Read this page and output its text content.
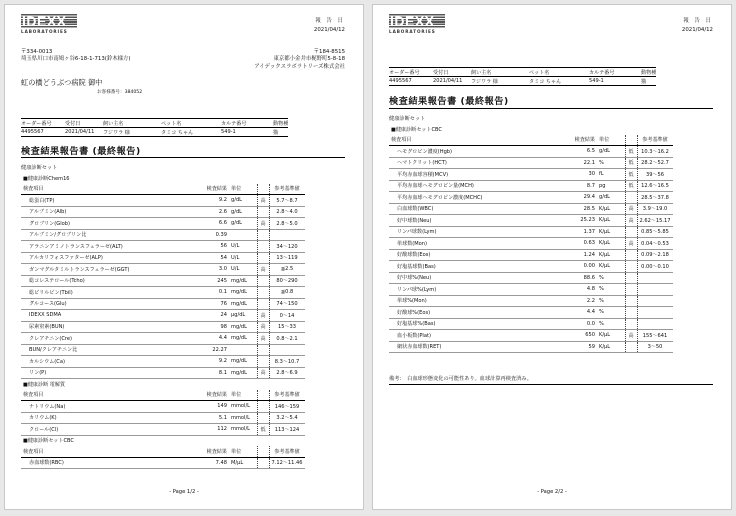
IDEXX
LABORATORIES
報 告 日
2021/04/12
〒334-0013
埼玉県川口市南鳩ヶ谷6-18-1-713(鈴木様方)
〒184-8515
東京都小金井市梶野町5-8-18
アイデックスラボラトリーズ株式会社
虹の橋どうぶつ病院 御中
お客様番号：384052
オーダー番号	受付日	飼い主名	ペット名	カルテ番号	動物種
4495567	2021/04/11	フジワラ 様	タミコ ちゃん	549-1	猫
検査結果報告書 (最終報告)
健康診断セット
■健康診断Chem16				
検査項目	検査結果	単位		参考基準値
総蛋白(TP)	9.2	g/dL	高	5.7～8.7
アルブミン(Alb)	2.6	g/dL		2.8～4.0
グロブリン(Glob)	6.6	g/dL	高	2.8～5.0
アルブミン/グロブリン比	0.39			
アラニンアミノトランスフェラーゼ(ALT)	56	U/L		34～120
アルカリフォスファターゼ(ALP)	54	U/L		13～119
ガンマグルタミルトランスフェラーゼ(GGT)	3.0	U/L	高	≦2.5
総コレステロール(Tcho)	245	mg/dL		80～290
総ビリルビン(Tbil)	0.1	mg/dL		≦0.8
グルコース(Glu)	76	mg/dL		74～150
IDEXX SDMA	24	μg/dL	高	0～14
尿素窒素(BUN)	98	mg/dL	高	15～33
クレアチニン(Cre)	4.4	mg/dL	高	0.8～2.1
BUN/クレアチニン比	22.27			
カルシウム(Ca)	9.2	mg/dL		8.3～10.7
リン(P)	8.1	mg/dL	高	2.8～6.9
■健康診断 電解質				
検査項目	検査結果	単位		参考基準値
ナトリウム(Na)	149	mmol/L		146～159
カリウム(K)	5.1	mmol/L		3.2～5.4
クロール(Cl)	112	mmol/L	低	113～124
■健康診断セットCBC				
検査項目	検査結果	単位		参考基準値
赤血球数(RBC)	7.48	M/μL		7.12～11.46
- Page 1/2 -
IDEXX
LABORATORIES
報 告 日
2021/04/12
オーダー番号	受付日	飼い主名	ペット名	カルテ番号	動物種
4495567	2021/04/11	フジワラ 様	タミコ ちゃん	549-1	猫
検査結果報告書 (最終報告)
健康診断セット
■健康診断セットCBC				
検査項目	検査結果	単位		参考基準値
ヘモグロビン濃度(Hgb)	6.5	g/dL	低	10.3～16.2
ヘマトクリット(HCT)	22.1	%	低	28.2～52.7
平均赤血球容積(MCV)	30	fL	低	39～56
平均赤血球ヘモグロビン量(MCH)	8.7	pg	低	12.6～16.5
平均赤血球ヘモグロビン濃度(MCHC)	29.4	g/dL		28.5～37.8
白血球数(WBC)	28.5	K/μL	高	3.9～19.0
好中球数(Neu)	25.23	K/μL	高	2.62～15.17
リンパ球数(Lym)	1.37	K/μL		0.85～5.85
単球数(Mon)	0.63	K/μL	高	0.04～0.53
好酸球数(Eos)	1.24	K/μL		0.09～2.18
好塩基球数(Bas)	0.00	K/μL		0.00～0.10
好中球%(Neu)	88.6	%		
リンパ球%(Lym)	4.8	%		
単球%(Mon)	2.2	%		
好酸球%(Eos)	4.4	%		
好塩基球%(Bas)	0.0	%		
血小板数(Plat)	650	K/μL	高	155～641
網状赤血球数(RET)	59	K/μL		3～50
備考：　白血球形態変化の可能性あり。血球計算再検査済み。
- Page 2/2 -
